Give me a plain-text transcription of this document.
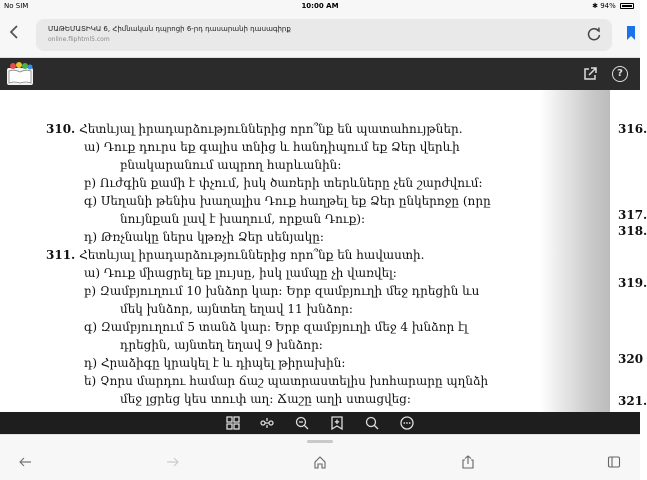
No SIM	10:00 AM	✱ 94%
ՄԱԹԵՄԱՏԻԿԱ 6, Հիմնական դպրոցի 6-րդ դասարանի դասագիրք
online.fliphtml5.com
?
310. Հետևյալ իրադարձություններից որո՞նք են պատահույթներ.
ա) Դուք դուրս եք գալիս տնից և հանդիպում եք Ձեր վերևի
բնակարանում ապրող հարևանին:
բ) Ուժգին քամի է փչում, իսկ ծառերի տերևները չեն շարժվում:
գ) Սեղանի թենիս խաղալիս Դուք հաղթել եք Ձեր ընկերոջը (որը
նույնքան լավ է խաղում, որքան Դուք):
դ) Թռչնակը ներս կթռչի Ձեր սենյակը:
311. Հետևյալ իրադարձություններից որո՞նք են հավաստի.
ա) Դուք միացրել եք լույսը, իսկ լամպը չի վառվել:
բ) Զամբյուղում 10 խնձոր կար: Երբ զամբյուղի մեջ դրեցին ևս
մեկ խնձոր, այնտեղ եղավ 11 խնձոր:
գ) Զամբյուղում 5 տանձ կար: Երբ զամբյուղի մեջ 4 խնձոր էլ
դրեցին, այնտեղ եղավ 9 խնձոր:
դ) Հրաձիգը կրակել է և դիպել թիրախին:
ե) Չորս մարդու համար ճաշ պատրաստելիս խոհարարը պղնձի
մեջ լցրեց կես տուփ աղ: Ճաշը աղի ստացվեց:
316.
317.
318.
319.
320
321.
